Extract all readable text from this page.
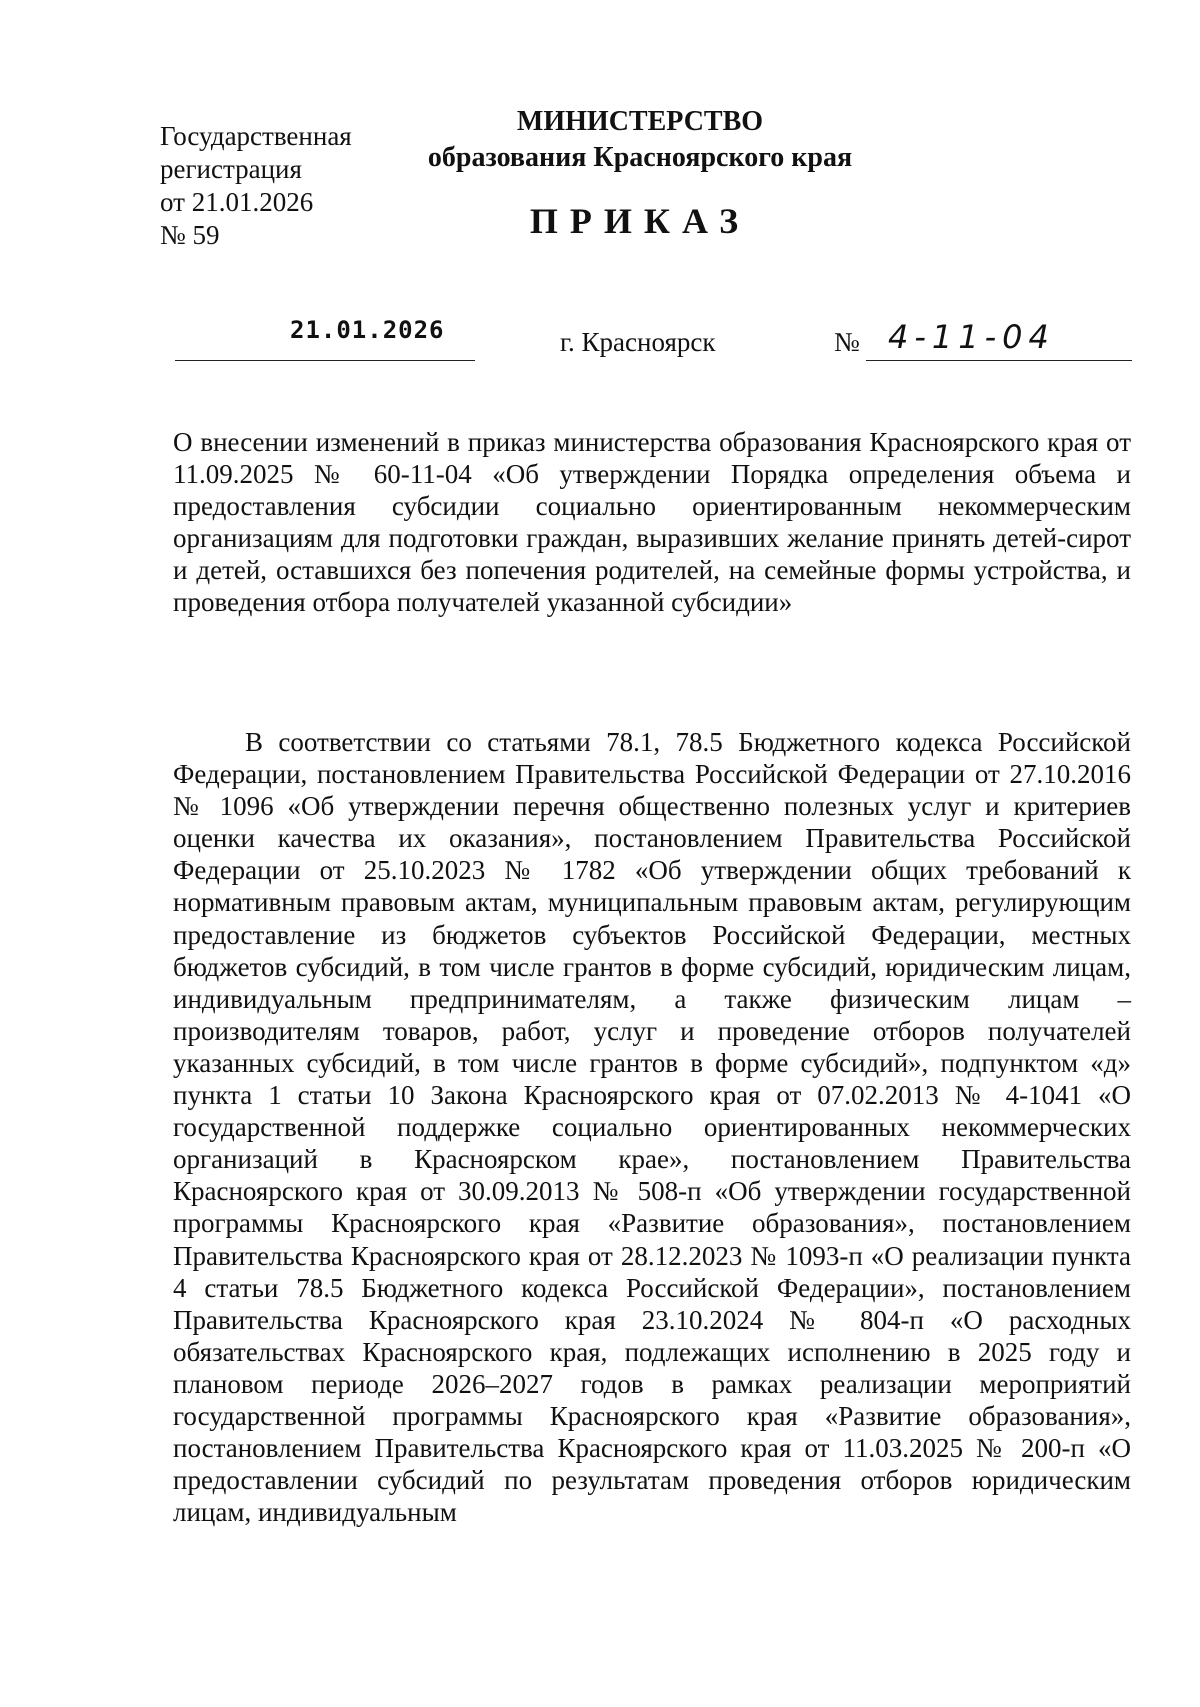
Государственная
регистрация
от 21.01.2026
№ 59
МИНИСТЕРСТВО
образования Красноярского края
ПРИКАЗ
21.01.2026	г. Красноярск	№ 4-11-04
О внесении изменений в приказ министерства образования Красноярского края от 11.09.2025 № 60-11-04 «Об утверждении Порядка определения объема и предоставления субсидии социально ориентированным некоммерческим организациям для подготовки граждан, выразивших желание принять детей-сирот и детей, оставшихся без попечения родителей, на семейные формы устройства, и проведения отбора получателей указанной субсидии»
В соответствии со статьями 78.1, 78.5 Бюджетного кодекса Российской Федерации, постановлением Правительства Российской Федерации от 27.10.2016 № 1096 «Об утверждении перечня общественно полезных услуг и критериев оценки качества их оказания», постановлением Правительства Российской Федерации от 25.10.2023 № 1782 «Об утверждении общих требований к нормативным правовым актам, муниципальным правовым актам, регулирующим предоставление из бюджетов субъектов Российской Федерации, местных бюджетов субсидий, в том числе грантов в форме субсидий, юридическим лицам, индивидуальным предпринимателям, а также физическим лицам – производителям товаров, работ, услуг и проведение отборов получателей указанных субсидий, в том числе грантов в форме субсидий», подпунктом «д» пункта 1 статьи 10 Закона Красноярского края от 07.02.2013 № 4-1041 «О государственной поддержке социально ориентированных некоммерческих организаций в Красноярском крае», постановлением Правительства Красноярского края от 30.09.2013 № 508-п «Об утверждении государственной программы Красноярского края «Развитие образования», постановлением Правительства Красноярского края от 28.12.2023 № 1093-п «О реализации пункта 4 статьи 78.5 Бюджетного кодекса Российской Федерации», постановлением Правительства Красноярского края 23.10.2024 № 804-п «О расходных обязательствах Красноярского края, подлежащих исполнению в 2025 году и плановом периоде 2026–2027 годов в рамках реализации мероприятий государственной программы Красноярского края «Развитие образования», постановлением Правительства Красноярского края от 11.03.2025 № 200-п «О предоставлении субсидий по результатам проведения отборов юридическим лицам, индивидуальным
